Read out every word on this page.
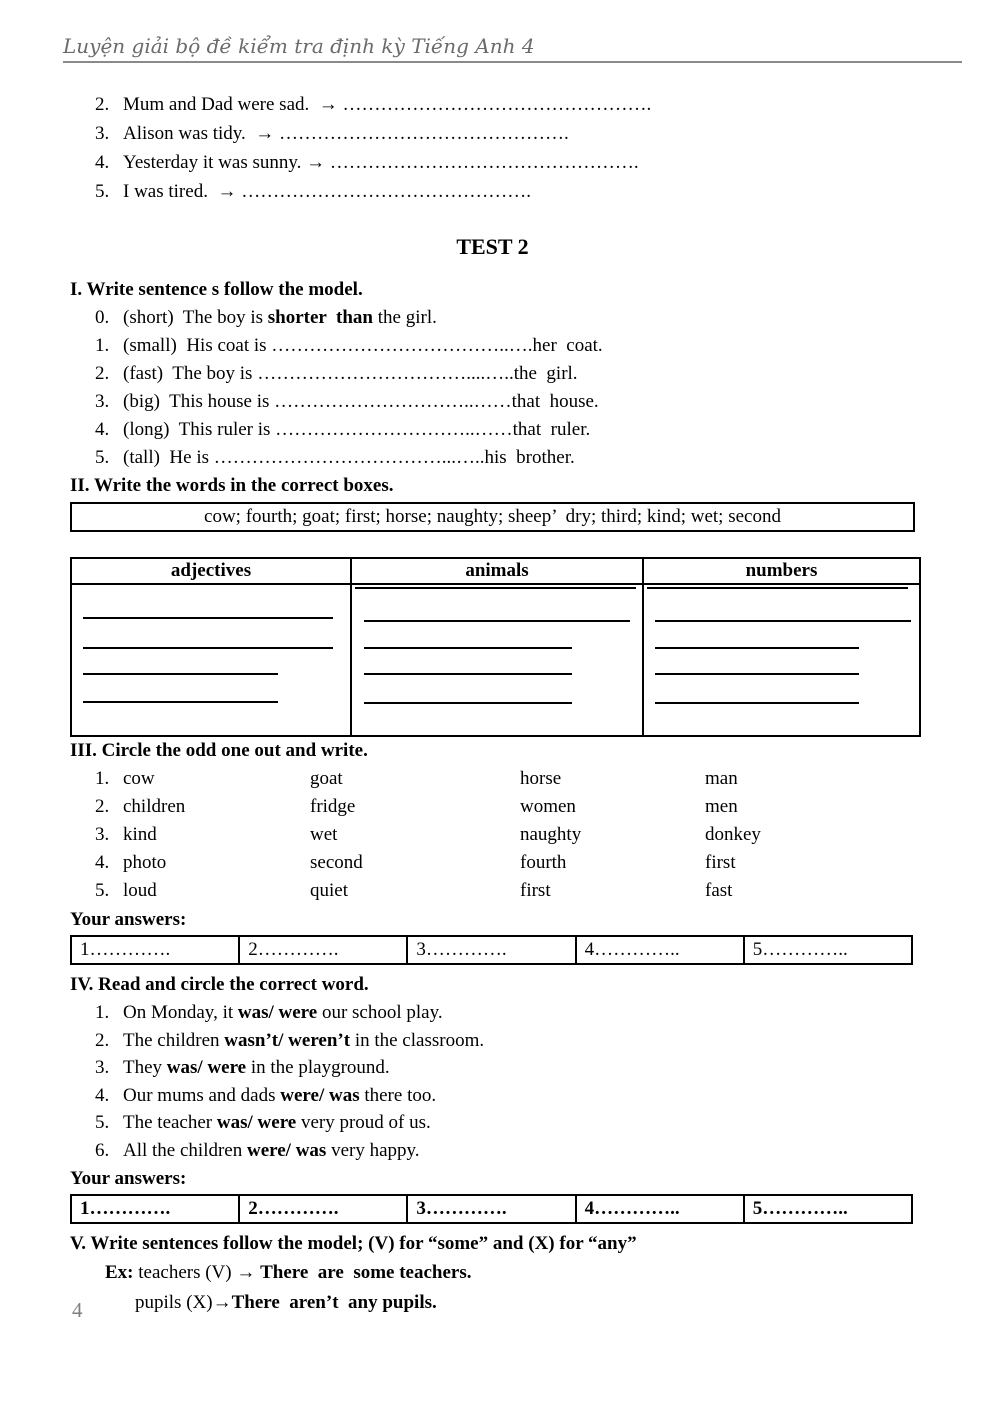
Luyện giải bộ đề kiểm tra định kỳ Tiếng Anh 4
2. Mum and Dad were sad.  → ………………………………………….
3. Alison was tidy.  → ……………………………………….
4. Yesterday it was sunny. → ………………………………………….
5. I was tired.  → ……………………………………….
TEST 2
I. Write sentence s follow the model.
0. (short)  The boy is shorter  than the girl.
1. (small)  His coat is ………………………………..….her  coat.
2. (fast)  The boy is ……………………………....…..the  girl.
3. (big)  This house is …………………………..……that  house.
4. (long)  This ruler is …………………………..……that  ruler.
5. (tall)  He is ………………………………...…..his  brother.
II. Write the words in the correct boxes.
cow; fourth; goat; first; horse; naughty; sheep’  dry; third; kind; wet; second
adjectives	animals	numbers

III. Circle the odd one out and write.
1. cow	goat	horse	man
2. children	fridge	women	men
3. kind	wet	naughty	donkey
4. photo	second	fourth	first
5. loud	quiet	first	fast
Your answers:
1………….	2………….	3………….	4…………..	5…………..
IV. Read and circle the correct word.
1. On Monday, it was/ were our school play.
2. The children wasn’t/ weren’t in the classroom.
3. They was/ were in the playground.
4. Our mums and dads were/ was there too.
5. The teacher was/ were very proud of us.
6. All the children were/ was very happy.
Your answers:
1………….	2………….	3………….	4…………..	5…………..
V. Write sentences follow the model; (V) for “some” and (X) for “any”
Ex: teachers (V) → There  are  some teachers.
pupils (X)→There  aren’t  any pupils.
4
